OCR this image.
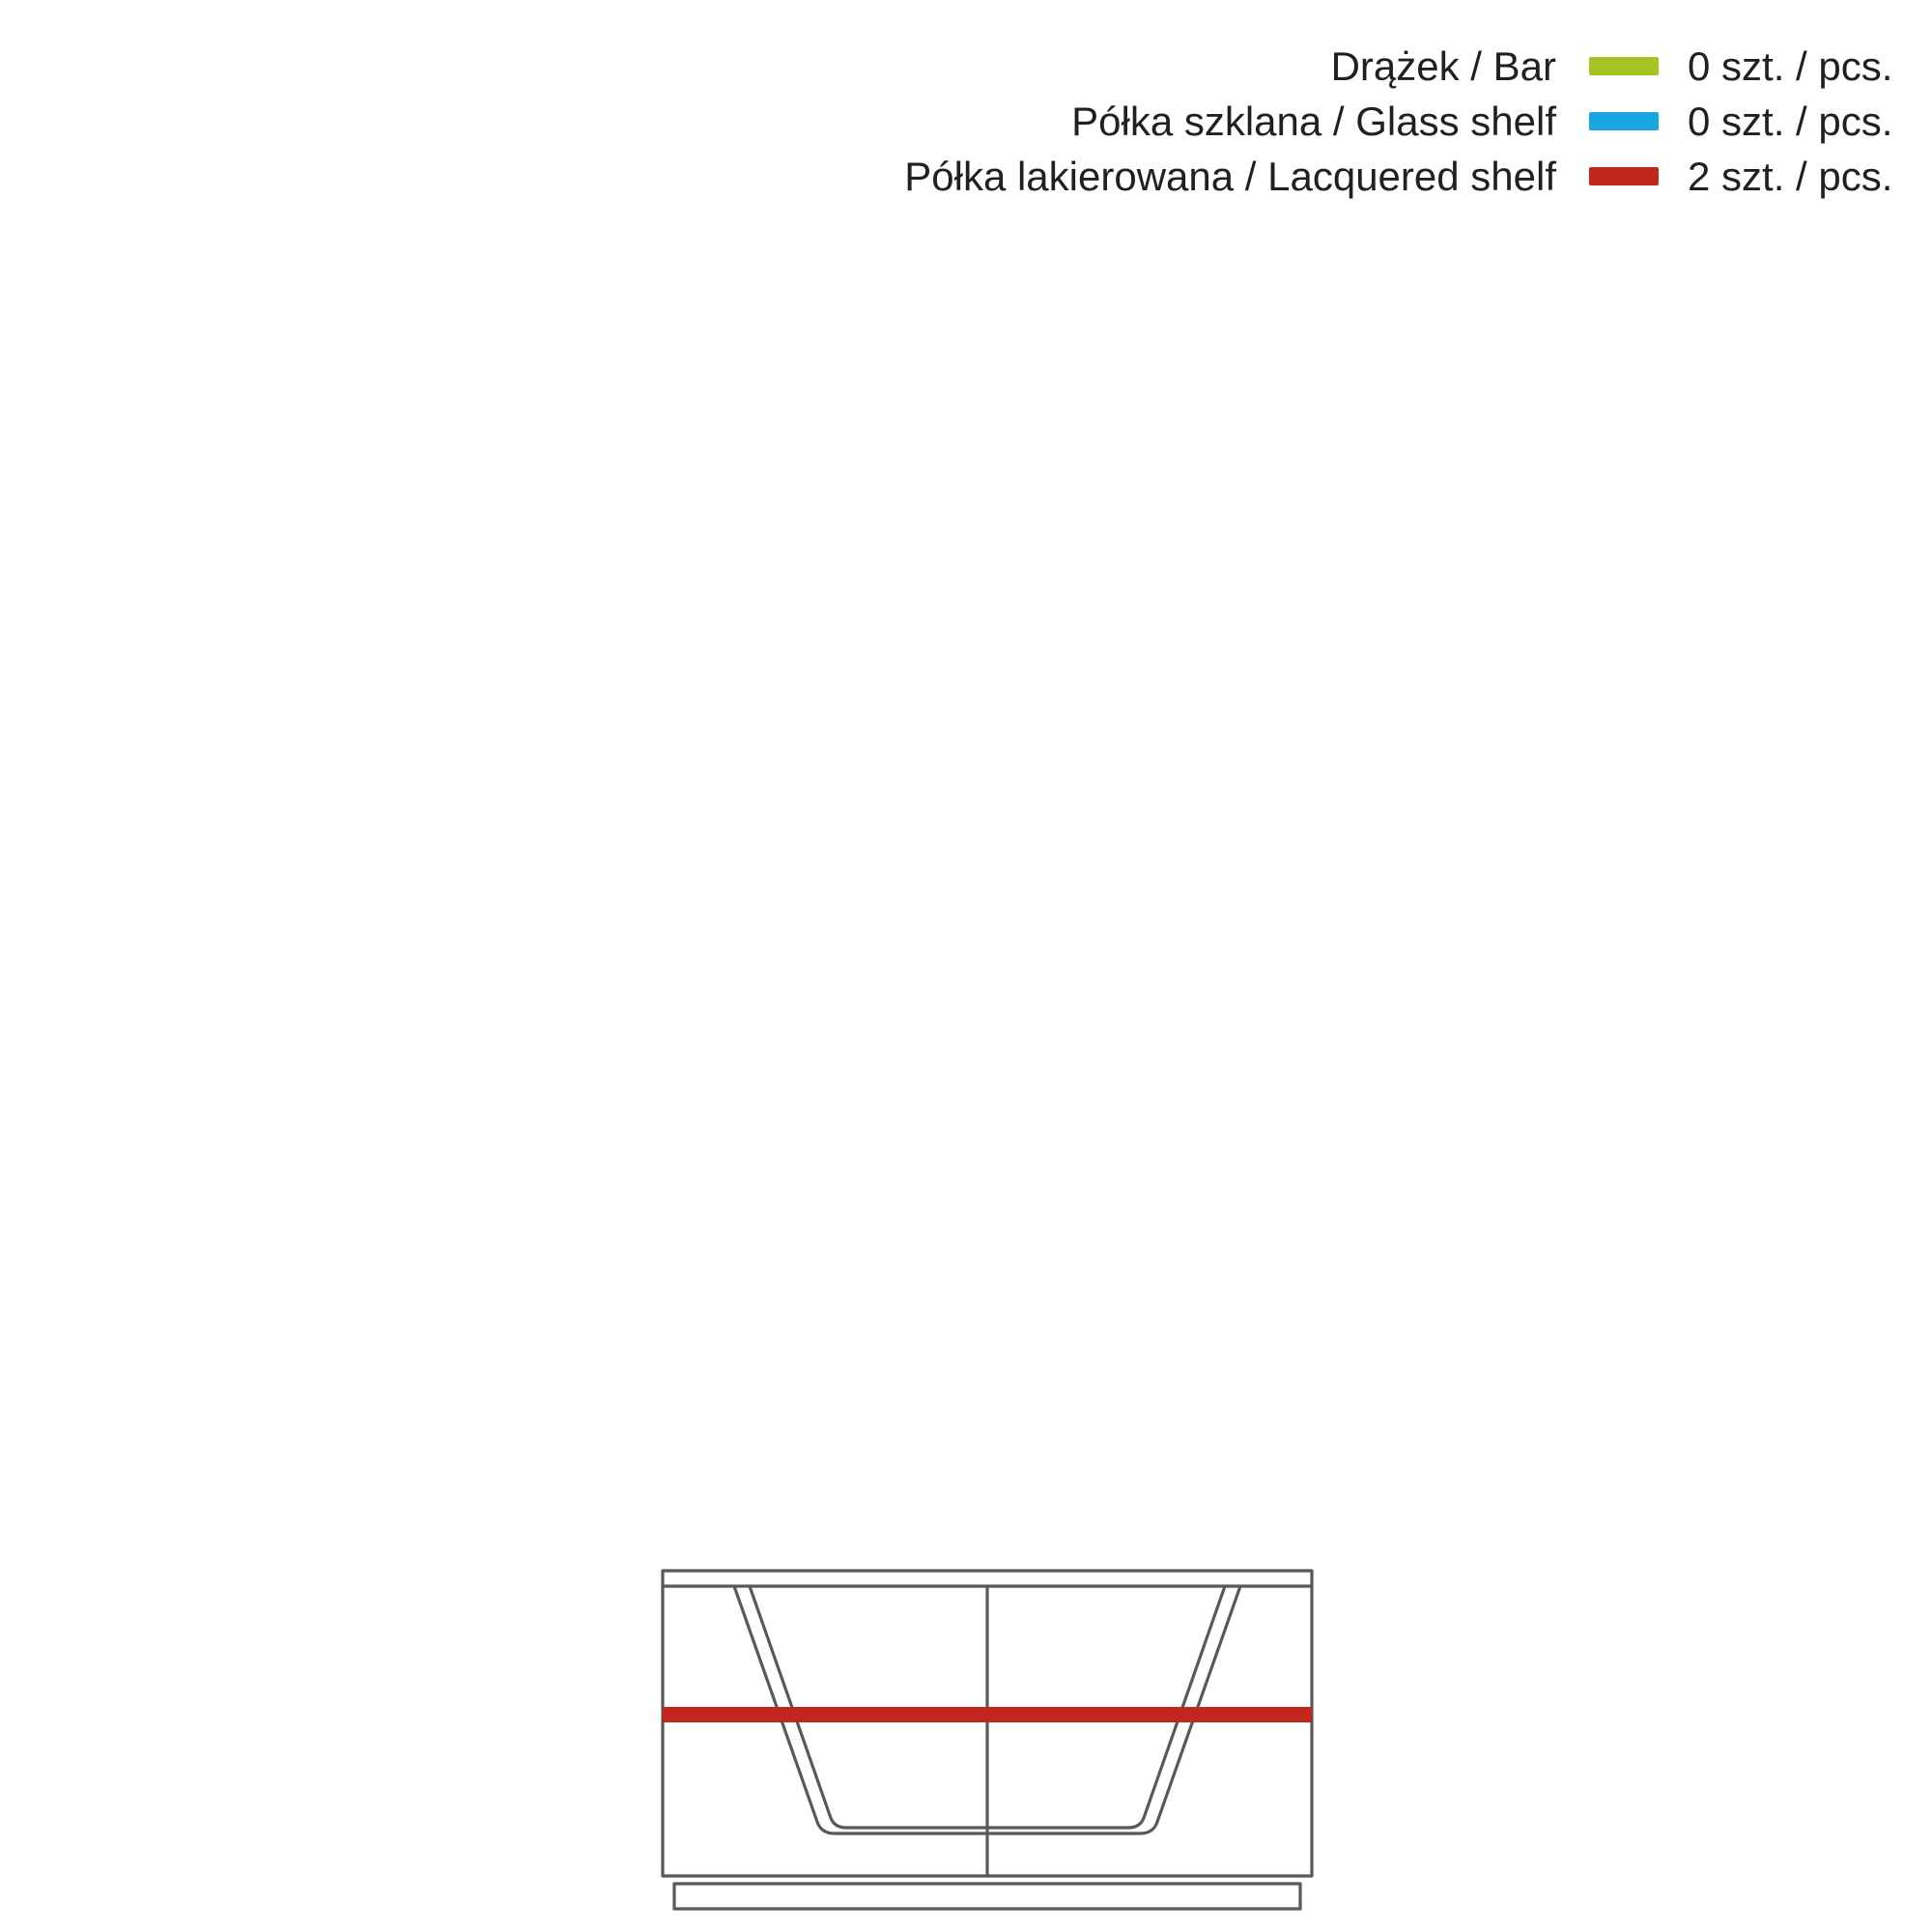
Drążek / Bar	0 szt. / pcs.
Półka szklana / Glass shelf	0 szt. / pcs.
Półka lakierowana / Lacquered shelf	2 szt. / pcs.
